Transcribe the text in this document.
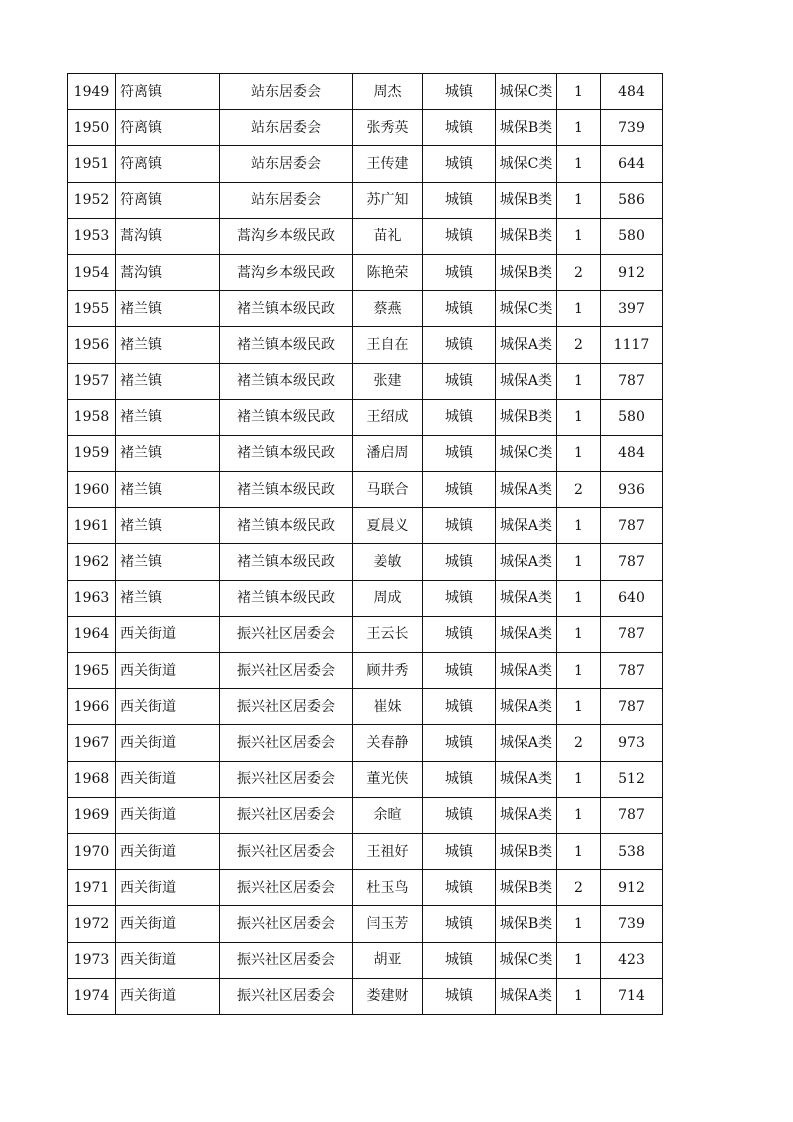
1949	符离镇	站东居委会	周杰	城镇	城保C类	1	484
1950	符离镇	站东居委会	张秀英	城镇	城保B类	1	739
1951	符离镇	站东居委会	王传建	城镇	城保C类	1	644
1952	符离镇	站东居委会	苏广知	城镇	城保B类	1	586
1953	蒿沟镇	蒿沟乡本级民政	苗礼	城镇	城保B类	1	580
1954	蒿沟镇	蒿沟乡本级民政	陈艳荣	城镇	城保B类	2	912
1955	褚兰镇	褚兰镇本级民政	蔡燕	城镇	城保C类	1	397
1956	褚兰镇	褚兰镇本级民政	王自在	城镇	城保A类	2	1117
1957	褚兰镇	褚兰镇本级民政	张建	城镇	城保A类	1	787
1958	褚兰镇	褚兰镇本级民政	王绍成	城镇	城保B类	1	580
1959	褚兰镇	褚兰镇本级民政	潘启周	城镇	城保C类	1	484
1960	褚兰镇	褚兰镇本级民政	马联合	城镇	城保A类	2	936
1961	褚兰镇	褚兰镇本级民政	夏晨义	城镇	城保A类	1	787
1962	褚兰镇	褚兰镇本级民政	姜敏	城镇	城保A类	1	787
1963	褚兰镇	褚兰镇本级民政	周成	城镇	城保A类	1	640
1964	西关街道	振兴社区居委会	王云长	城镇	城保A类	1	787
1965	西关街道	振兴社区居委会	顾井秀	城镇	城保A类	1	787
1966	西关街道	振兴社区居委会	崔妹	城镇	城保A类	1	787
1967	西关街道	振兴社区居委会	关春静	城镇	城保A类	2	973
1968	西关街道	振兴社区居委会	董光侠	城镇	城保A类	1	512
1969	西关街道	振兴社区居委会	余暄	城镇	城保A类	1	787
1970	西关街道	振兴社区居委会	王祖好	城镇	城保B类	1	538
1971	西关街道	振兴社区居委会	杜玉鸟	城镇	城保B类	2	912
1972	西关街道	振兴社区居委会	闫玉芳	城镇	城保B类	1	739
1973	西关街道	振兴社区居委会	胡亚	城镇	城保C类	1	423
1974	西关街道	振兴社区居委会	娄建财	城镇	城保A类	1	714
